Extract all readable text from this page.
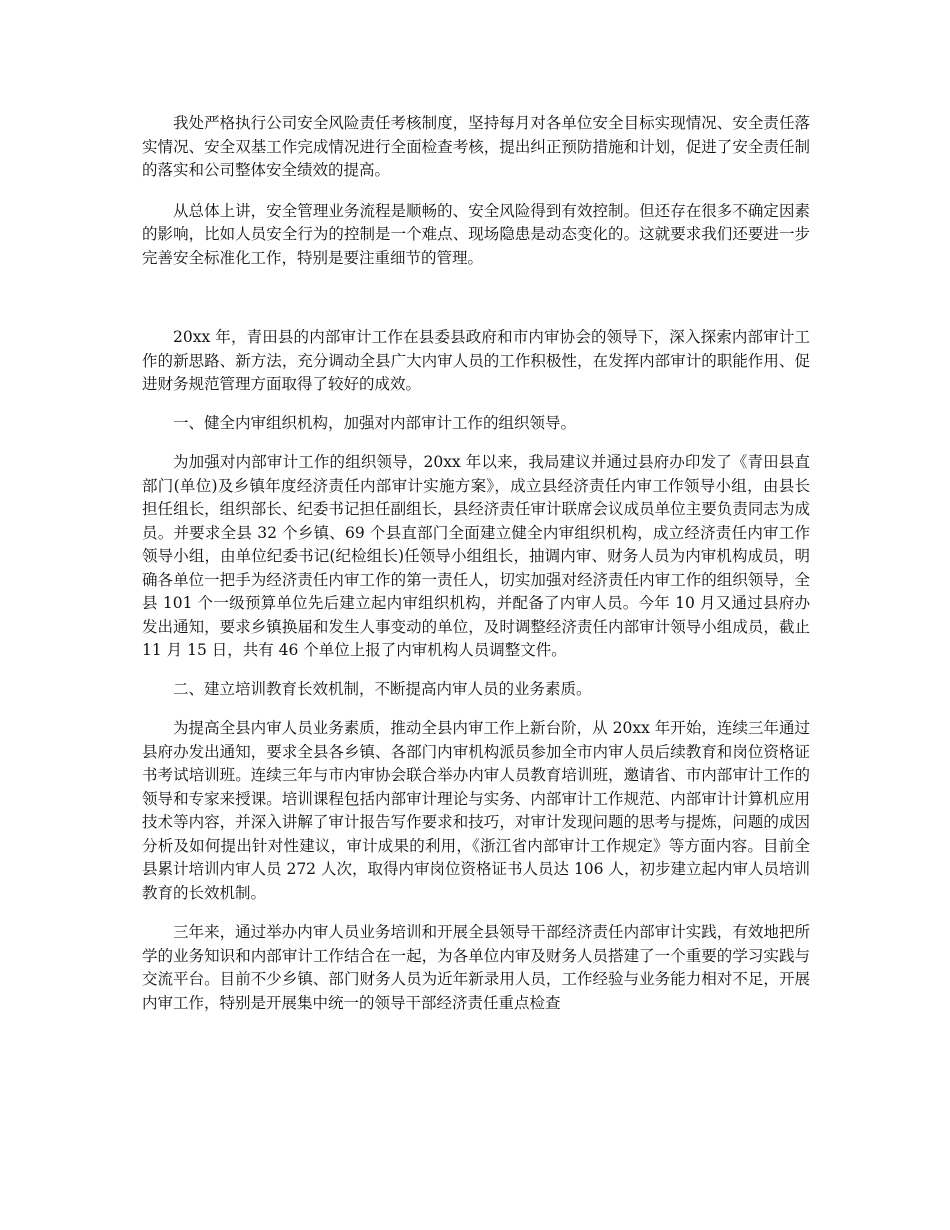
我处严格执行公司安全风险责任考核制度，坚持每月对各单位安全目标实现情况、安全责任落实情况、安全双基工作完成情况进行全面检查考核，提出纠正预防措施和计划，促进了安全责任制的落实和公司整体安全绩效的提高。

从总体上讲，安全管理业务流程是顺畅的、安全风险得到有效控制。但还存在很多不确定因素的影响，比如人员安全行为的控制是一个难点、现场隐患是动态变化的。这就要求我们还要进一步完善安全标准化工作，特别是要注重细节的管理。

20xx 年，青田县的内部审计工作在县委县政府和市内审协会的领导下，深入探索内部审计工作的新思路、新方法，充分调动全县广大内审人员的工作积极性，在发挥内部审计的职能作用、促进财务规范管理方面取得了较好的成效。

一、健全内审组织机构，加强对内部审计工作的组织领导。

为加强对内部审计工作的组织领导，20xx 年以来，我局建议并通过县府办印发了《青田县直部门(单位)及乡镇年度经济责任内部审计实施方案》，成立县经济责任内审工作领导小组，由县长担任组长，组织部长、纪委书记担任副组长，县经济责任审计联席会议成员单位主要负责同志为成员。并要求全县 32 个乡镇、69 个县直部门全面建立健全内审组织机构，成立经济责任内审工作领导小组，由单位纪委书记(纪检组长)任领导小组组长，抽调内审、财务人员为内审机构成员，明确各单位一把手为经济责任内审工作的第一责任人，切实加强对经济责任内审工作的组织领导，全县 101 个一级预算单位先后建立起内审组织机构，并配备了内审人员。今年 10 月又通过县府办发出通知，要求乡镇换届和发生人事变动的单位，及时调整经济责任内部审计领导小组成员，截止 11 月 15 日，共有 46 个单位上报了内审机构人员调整文件。

二、建立培训教育长效机制，不断提高内审人员的业务素质。

为提高全县内审人员业务素质，推动全县内审工作上新台阶，从 20xx 年开始，连续三年通过县府办发出通知，要求全县各乡镇、各部门内审机构派员参加全市内审人员后续教育和岗位资格证书考试培训班。连续三年与市内审协会联合举办内审人员教育培训班，邀请省、市内部审计工作的领导和专家来授课。培训课程包括内部审计理论与实务、内部审计工作规范、内部审计计算机应用技术等内容，并深入讲解了审计报告写作要求和技巧，对审计发现问题的思考与提炼，问题的成因分析及如何提出针对性建议，审计成果的利用，《浙江省内部审计工作规定》等方面内容。目前全县累计培训内审人员 272 人次，取得内审岗位资格证书人员达 106 人，初步建立起内审人员培训教育的长效机制。

三年来，通过举办内审人员业务培训和开展全县领导干部经济责任内部审计实践，有效地把所学的业务知识和内部审计工作结合在一起，为各单位内审及财务人员搭建了一个重要的学习实践与交流平台。目前不少乡镇、部门财务人员为近年新录用人员，工作经验与业务能力相对不足，开展内审工作，特别是开展集中统一的领导干部经济责任重点检查
